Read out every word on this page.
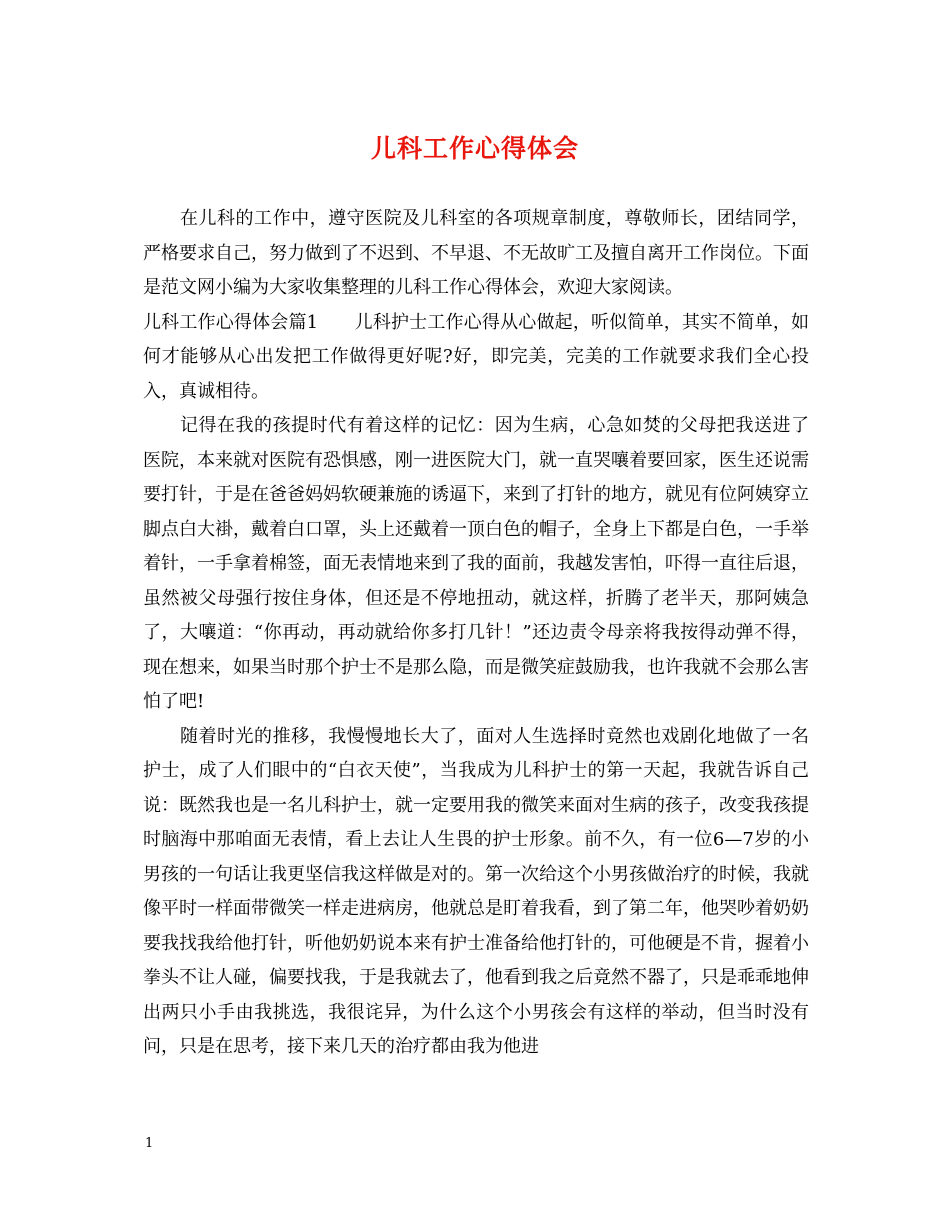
儿科工作心得体会

在儿科的工作中，遵守医院及儿科室的各项规章制度，尊敬师长，团结同学，严格要求自己，努力做到了不迟到、不早退、不无故旷工及擅自离开工作岗位。下面是范文网小编为大家收集整理的儿科工作心得体会，欢迎大家阅读。

儿科工作心得体会篇1　　儿科护士工作心得从心做起，听似简单，其实不简单，如何才能够从心出发把工作做得更好呢?好，即完美，完美的工作就要求我们全心投入，真诚相待。

记得在我的孩提时代有着这样的记忆：因为生病，心急如焚的父母把我送进了医院，本来就对医院有恐惧感，刚一进医院大门，就一直哭嚷着要回家，医生还说需要打针，于是在爸爸妈妈软硬兼施的诱逼下，来到了打针的地方，就见有位阿姨穿立脚点白大褂，戴着白口罩，头上还戴着一顶白色的帽子，全身上下都是白色，一手举着针，一手拿着棉签，面无表情地来到了我的面前，我越发害怕，吓得一直往后退，虽然被父母强行按住身体，但还是不停地扭动，就这样，折腾了老半天，那阿姨急了，大嚷道：“你再动，再动就给你多打几针！”还边责令母亲将我按得动弹不得，现在想来，如果当时那个护士不是那么隐，而是微笑症鼓励我，也许我就不会那么害怕了吧!

随着时光的推移，我慢慢地长大了，面对人生选择时竟然也戏剧化地做了一名护士，成了人们眼中的“白衣天使”，当我成为儿科护士的第一天起，我就告诉自己说：既然我也是一名儿科护士，就一定要用我的微笑来面对生病的孩子，改变我孩提时脑海中那咱面无表情，看上去让人生畏的护士形象。前不久，有一位6—7岁的小男孩的一句话让我更坚信我这样做是对的。第一次给这个小男孩做治疗的时候，我就像平时一样面带微笑一样走进病房，他就总是盯着我看，到了第二年，他哭吵着奶奶要我找我给他打针，听他奶奶说本来有护士准备给他打针的，可他硬是不肯，握着小拳头不让人碰，偏要找我，于是我就去了，他看到我之后竟然不器了，只是乖乖地伸出两只小手由我挑选，我很诧异，为什么这个小男孩会有这样的举动，但当时没有问，只是在思考，接下来几天的治疗都由我为他进

1
